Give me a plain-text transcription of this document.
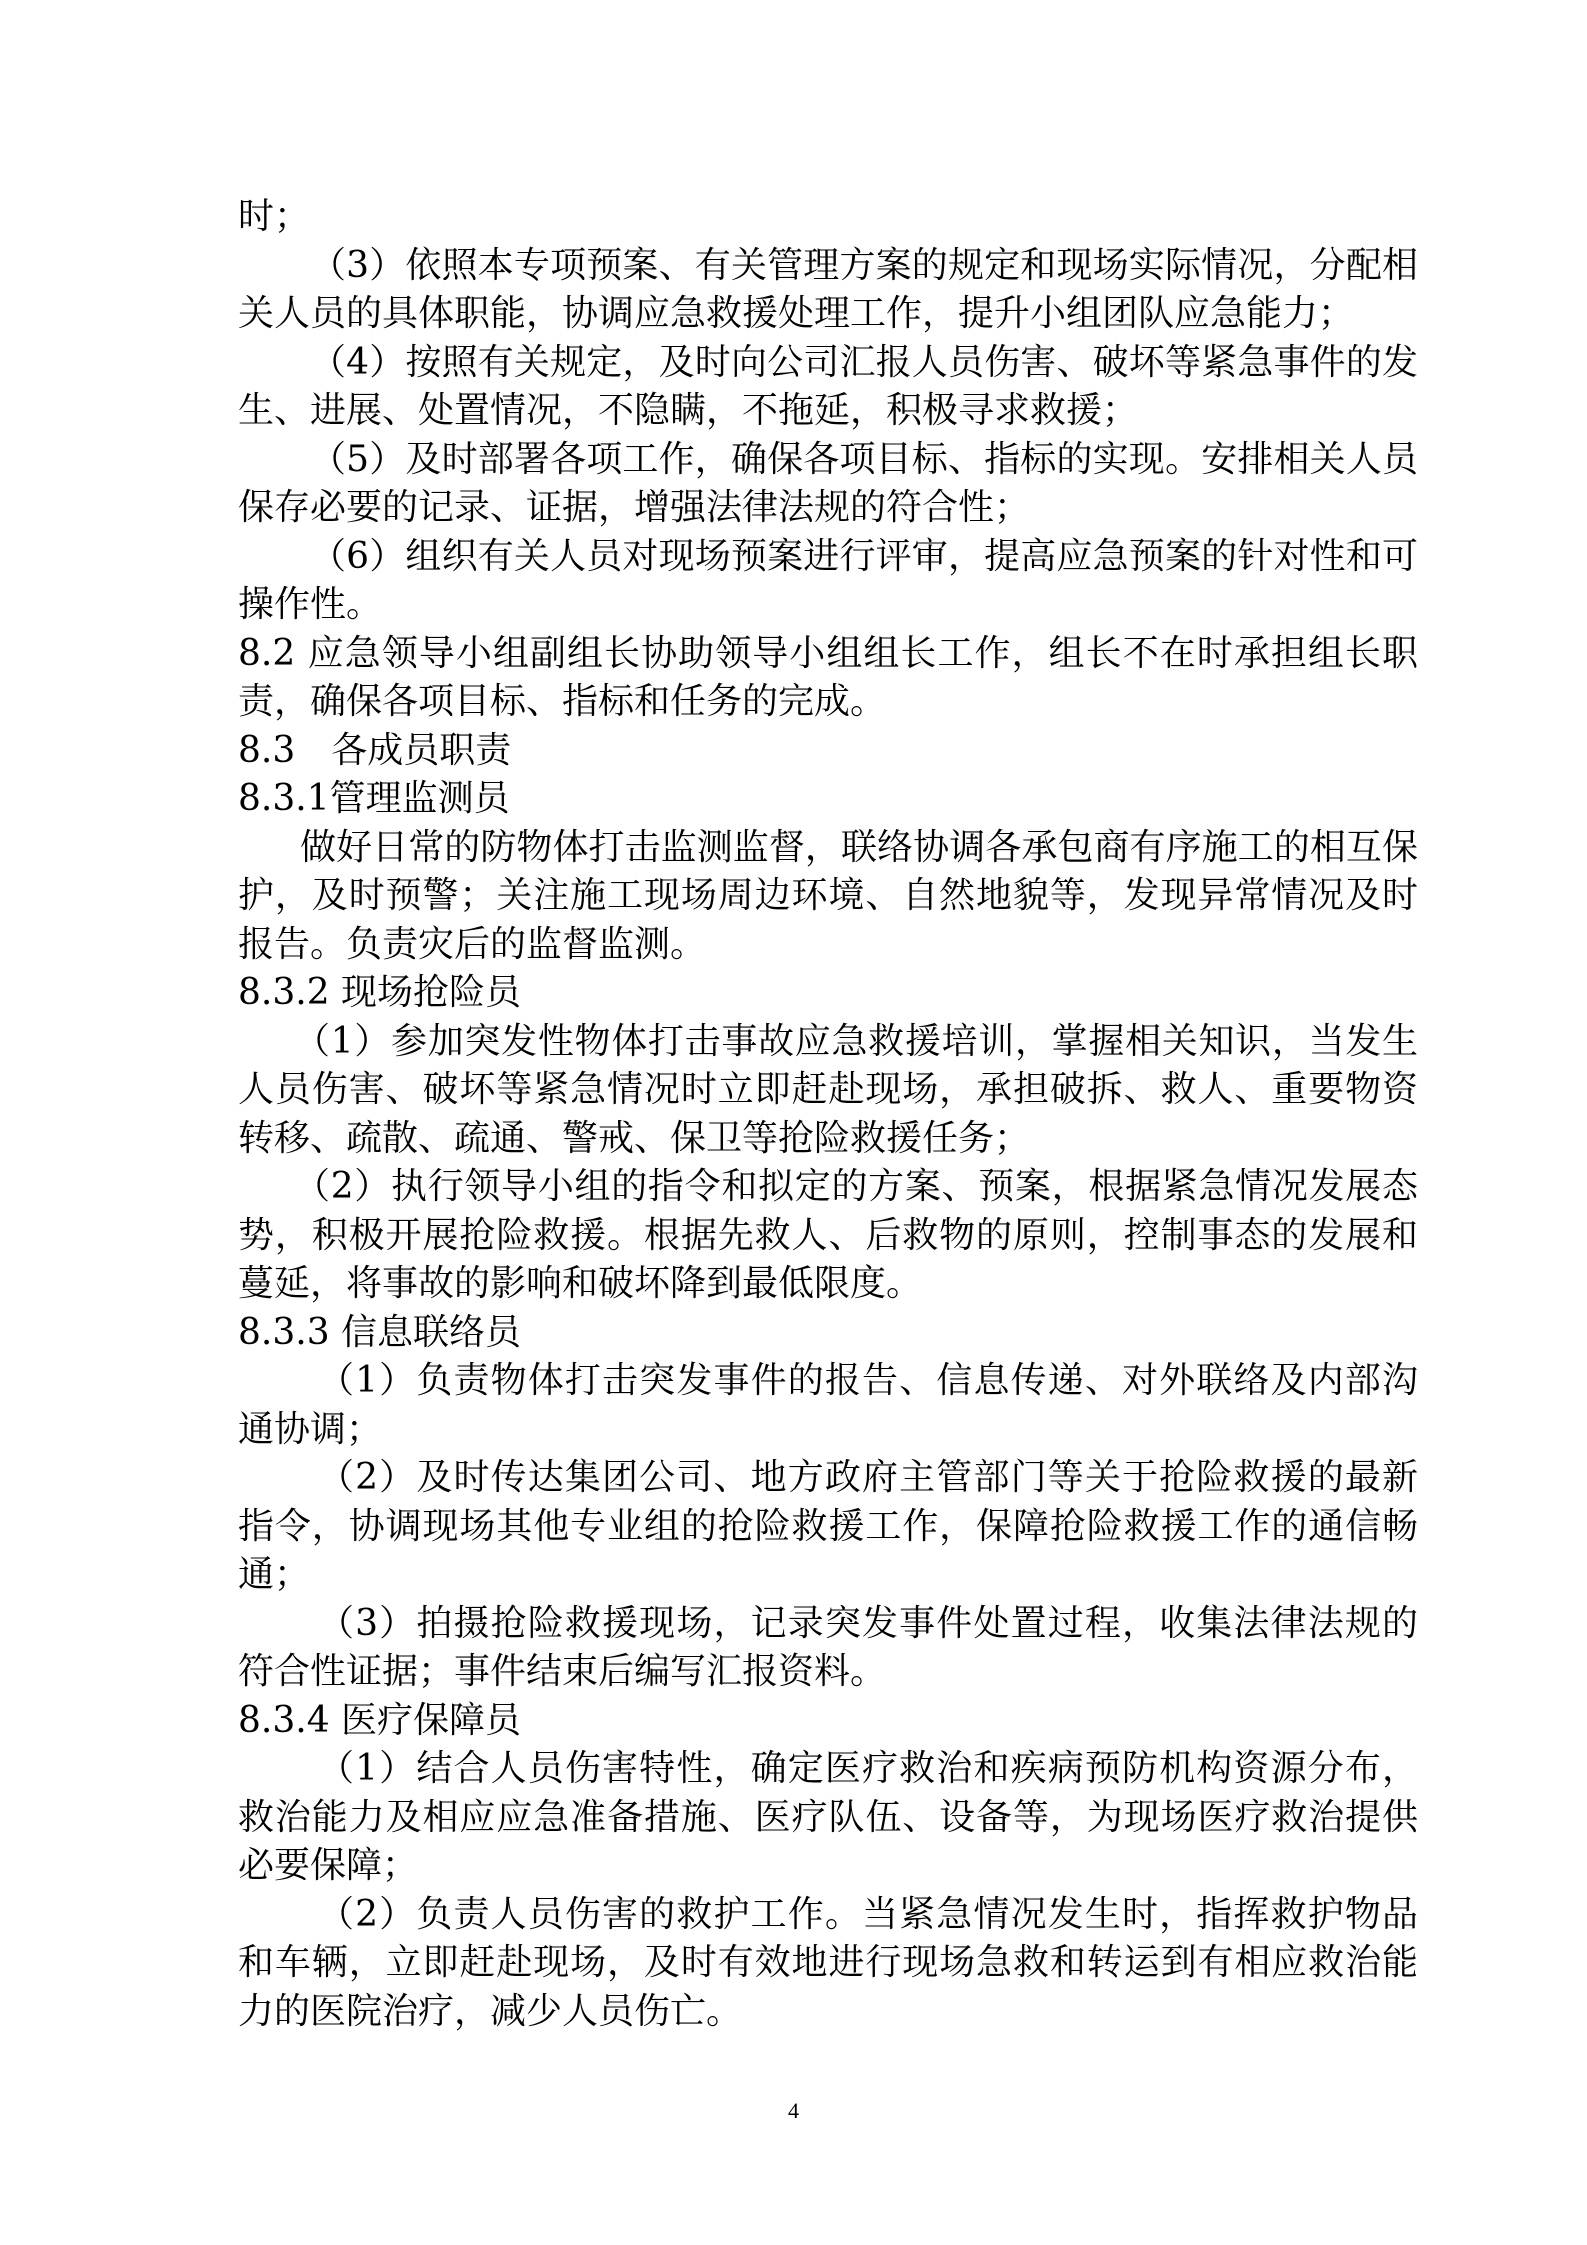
时；

（3）依照本专项预案、有关管理方案的规定和现场实际情况，分配相关人员的具体职能，协调应急救援处理工作，提升小组团队应急能力；

（4）按照有关规定，及时向公司汇报人员伤害、破坏等紧急事件的发生、进展、处置情况，不隐瞒，不拖延，积极寻求救援；

（5）及时部署各项工作，确保各项目标、指标的实现。安排相关人员保存必要的记录、证据，增强法律法规的符合性；

（6）组织有关人员对现场预案进行评审，提高应急预案的针对性和可操作性。

8.2 应急领导小组副组长协助领导小组组长工作，组长不在时承担组长职责，确保各项目标、指标和任务的完成。

8.3　各成员职责

8.3.1管理监测员

做好日常的防物体打击监测监督，联络协调各承包商有序施工的相互保护，及时预警；关注施工现场周边环境、自然地貌等，发现异常情况及时报告。负责灾后的监督监测。

8.3.2 现场抢险员

（1）参加突发性物体打击事故应急救援培训，掌握相关知识，当发生人员伤害、破坏等紧急情况时立即赶赴现场，承担破拆、救人、重要物资转移、疏散、疏通、警戒、保卫等抢险救援任务；

（2）执行领导小组的指令和拟定的方案、预案，根据紧急情况发展态势，积极开展抢险救援。根据先救人、后救物的原则，控制事态的发展和蔓延，将事故的影响和破坏降到最低限度。

8.3.3 信息联络员

（1）负责物体打击突发事件的报告、信息传递、对外联络及内部沟通协调；

（2）及时传达集团公司、地方政府主管部门等关于抢险救援的最新指令，协调现场其他专业组的抢险救援工作，保障抢险救援工作的通信畅通；

（3）拍摄抢险救援现场，记录突发事件处置过程，收集法律法规的符合性证据；事件结束后编写汇报资料。

8.3.4 医疗保障员

（1）结合人员伤害特性，确定医疗救治和疾病预防机构资源分布，救治能力及相应应急准备措施、医疗队伍、设备等，为现场医疗救治提供必要保障；

（2）负责人员伤害的救护工作。当紧急情况发生时，指挥救护物品和车辆，立即赶赴现场，及时有效地进行现场急救和转运到有相应救治能力的医院治疗，减少人员伤亡。

4
